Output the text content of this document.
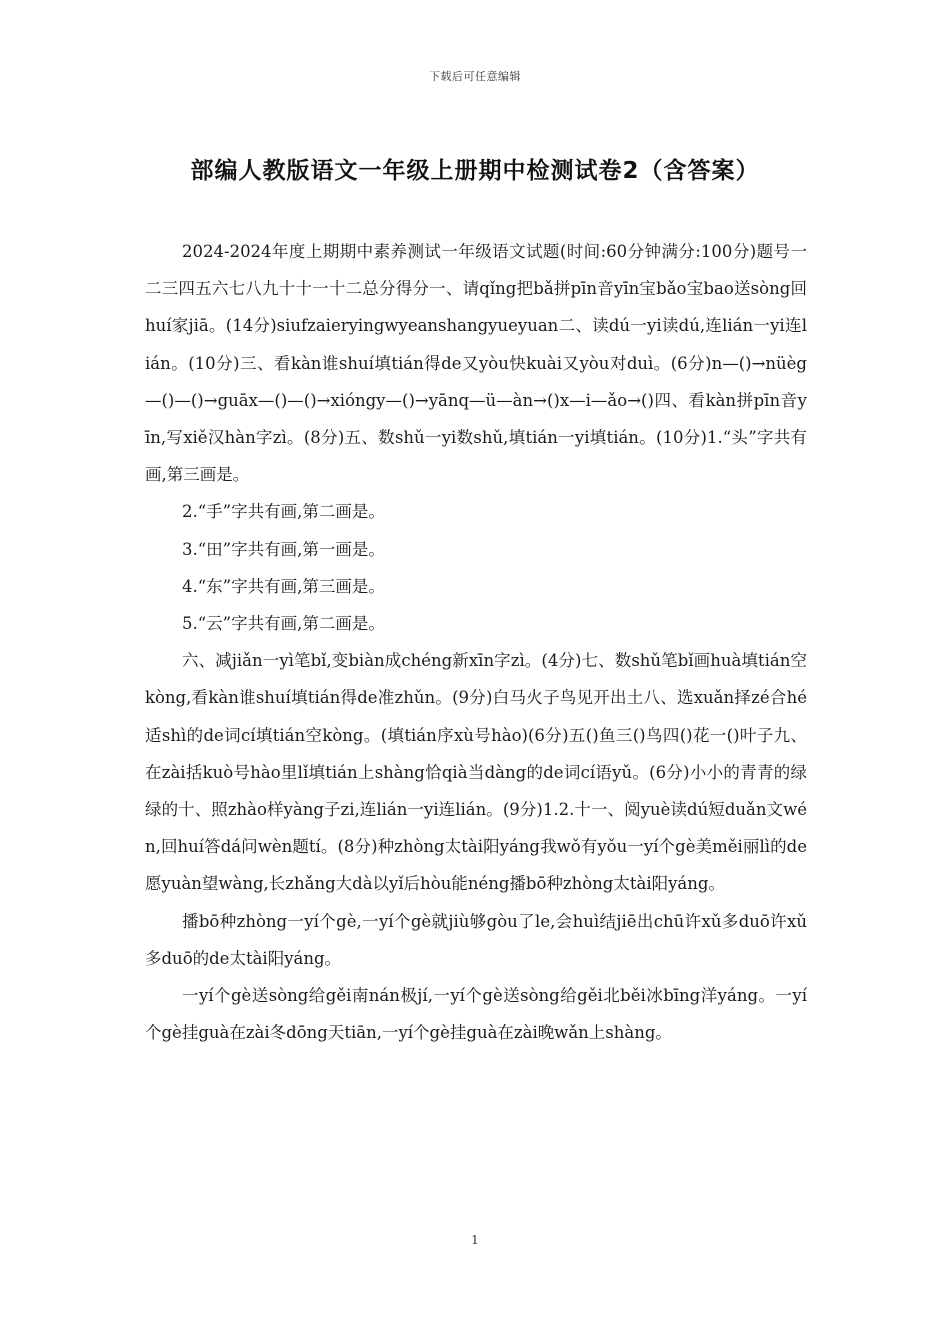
下载后可任意编辑
部编人教版语文一年级上册期中检测试卷2（含答案）

2024-2024年度上期期中素养测试一年级语文试题(时间:60分钟满分:100分)题号一二三四五六七八九十十一十二总分得分一、请qǐng把bǎ拼pīn音yīn宝bǎo宝bao送sòng回huí家jiā。(14分)siufzaieryingwyeanshangyueyuan二、读dú一yi读dú,连lián一yi连lián。(10分)三、看kàn谁shuí填tián得de又yòu快kuài又yòu对duì。(6分)n—()→nüèg—()—()→guāx—()—()→xióngy—()→yānq—ü—àn→()x—i—ǎo→()四、看kàn拼pīn音yīn,写xiě汉hàn字zì。(8分)五、数shǔ一yi数shǔ,填tián一yi填tián。(10分)1.“头”字共有画,第三画是。

2.“手”字共有画,第二画是。

3.“田”字共有画,第一画是。

4.“东”字共有画,第三画是。

5.“云”字共有画,第二画是。

六、减jiǎn一yì笔bǐ,变biàn成chéng新xīn字zì。(4分)七、数shǔ笔bǐ画huà填tián空kòng,看kàn谁shuí填tián得de准zhǔn。(9分)白马火子鸟见开出土八、选xuǎn择zé合hé适shì的de词cí填tián空kòng。(填tián序xù号hào)(6分)五()鱼三()鸟四()花一()叶子九、在zài括kuò号hào里lǐ填tián上shàng恰qià当dàng的de词cí语yǔ。(6分)小小的青青的绿绿的十、照zhào样yàng子zi,连lián一yi连lián。(9分)1.2.十一、阅yuè读dú短duǎn文wén,回huí答dá问wèn题tí。(8分)种zhòng太tài阳yáng我wǒ有yǒu一yí个gè美měi丽lì的de愿yuàn望wàng,长zhǎng大dà以yǐ后hòu能néng播bō种zhòng太tài阳yáng。

播bō种zhòng一yí个gè,一yí个gè就jiù够gòu了le,会huì结jiē出chū许xǔ多duō许xǔ多duō的de太tài阳yáng。

一yí个gè送sòng给gěi南nán极jí,一yí个gè送sòng给gěi北běi冰bīng洋yáng。一yí个gè挂guà在zài冬dōng天tiān,一yí个gè挂guà在zài晚wǎn上shàng。

1
